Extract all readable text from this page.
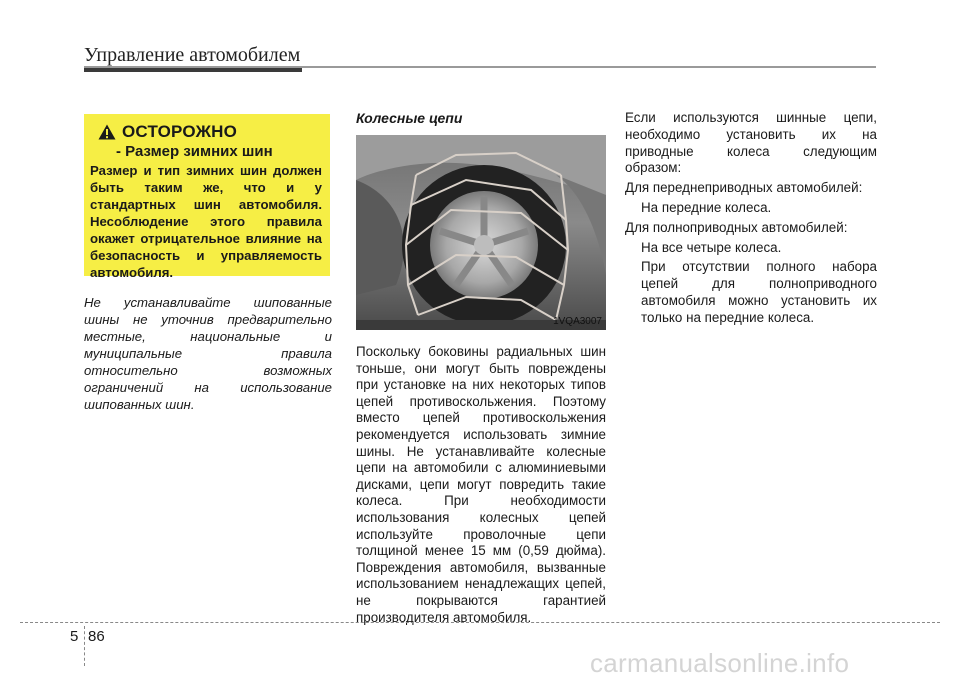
Управление автомобилем
ОСТОРОЖНО
- Размер зимних шин
Размер и тип зимних шин должен быть таким же, что и у стандартных шин автомобиля. Несоблюдение этого правила окажет отрицательное влияние на безопасность и управляемость автомобиля.
Не устанавливайте шипованные шины не уточнив предварительно местные, национальные и муниципальные правила относительно возможных ограничений на использование шипованных шин.
Колесные цепи
1VQA3007
Поскольку боковины радиальных шин тоньше, они могут быть повреждены при установке на них некоторых типов цепей противоскольжения. Поэтому вместо цепей противоскольжения рекомендуется использовать зимние шины. Не устанавливайте колесные цепи на автомобили с алюминиевыми дисками, цепи могут повредить такие колеса. При необходимости использования колесных цепей используйте проволочные цепи толщиной менее 15 мм (0,59 дюйма). Повреждения автомобиля, вызванные использованием ненадлежащих цепей, не покрываются гарантией производителя автомобиля.

Если используются шинные цепи, необходимо установить их на приводные колеса следующим образом:

Для переднеприводных автомобилей:

На передние колеса.

Для полноприводных автомобилей:

На все четыре колеса.

При отсутствии полного набора цепей для полноприводного автомобиля можно установить их только на передние колеса.

5 86
carmanualsonline.info
